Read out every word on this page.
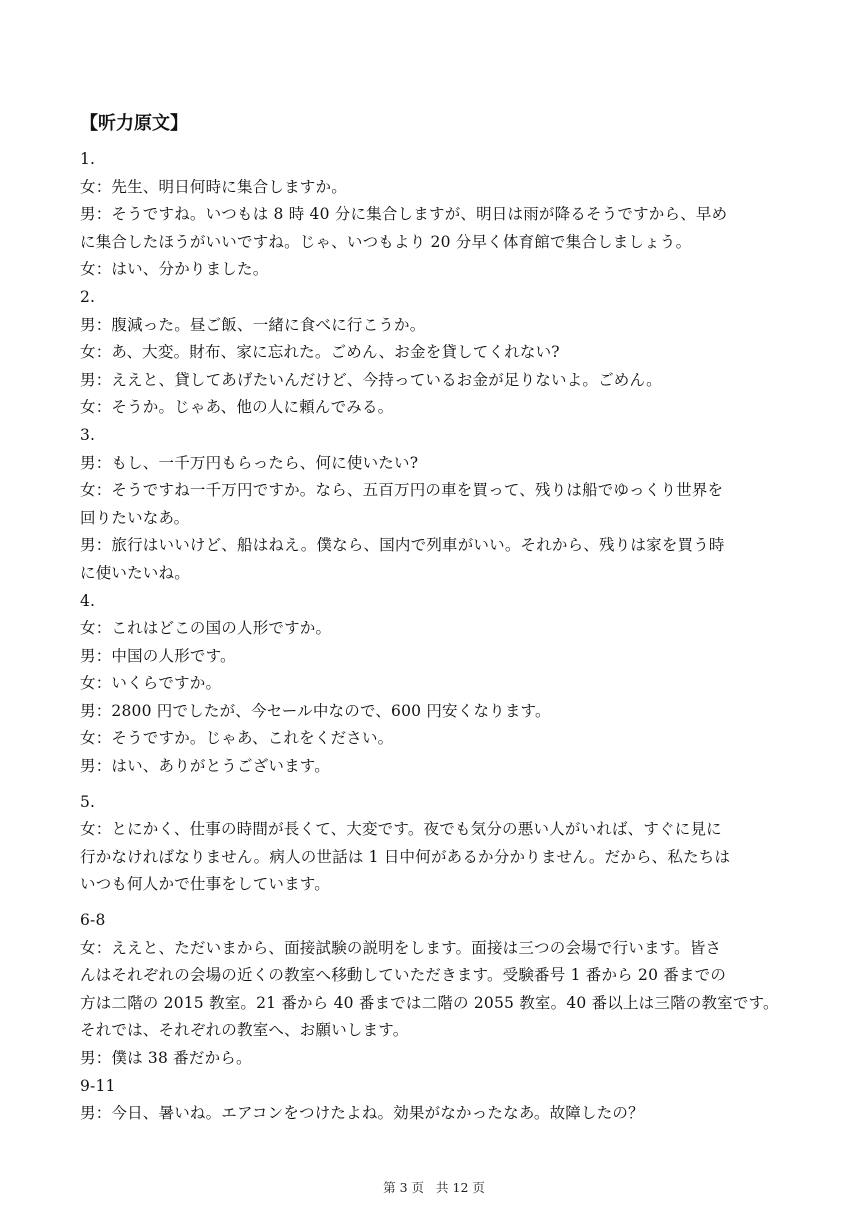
【听力原文】
1.
女：先生、明日何時に集合しますか。
男：そうですね。いつもは 8 時 40 分に集合しますが、明日は雨が降るそうですから、早め
に集合したほうがいいですね。じゃ、いつもより 20 分早く体育館で集合しましょう。
女：はい、分かりました。
2.
男：腹減った。昼ご飯、一緒に食べに行こうか。
女：あ、大変。財布、家に忘れた。ごめん、お金を貸してくれない?
男：ええと、貸してあげたいんだけど、今持っているお金が足りないよ。ごめん。
女：そうか。じゃあ、他の人に頼んでみる。
3.
男：もし、一千万円もらったら、何に使いたい?
女：そうですね一千万円ですか。なら、五百万円の車を買って、残りは船でゆっくり世界を
回りたいなあ。
男：旅行はいいけど、船はねえ。僕なら、国内で列車がいい。それから、残りは家を買う時
に使いたいね。
4.
女：これはどこの国の人形ですか。
男：中国の人形です。
女：いくらですか。
男：2800 円でしたが、今セール中なので、600 円安くなります。
女：そうですか。じゃあ、これをください。
男：はい、ありがとうございます。
5.
女：とにかく、仕事の時間が長くて、大変です。夜でも気分の悪い人がいれば、すぐに見に
行かなければなりません。病人の世話は 1 日中何があるか分かりません。だから、私たちは
いつも何人かで仕事をしています。
6-8
女：ええと、ただいまから、面接試験の説明をします。面接は三つの会場で行います。皆さ
んはそれぞれの会場の近くの教室へ移動していただきます。受験番号 1 番から 20 番までの
方は二階の 2015 教室。21 番から 40 番までは二階の 2055 教室。40 番以上は三階の教室です。
それでは、それぞれの教室へ、お願いします。
男：僕は 38 番だから。
9-11
男：今日、暑いね。エアコンをつけたよね。効果がなかったなあ。故障したの？
第 3 页 共 12 页
